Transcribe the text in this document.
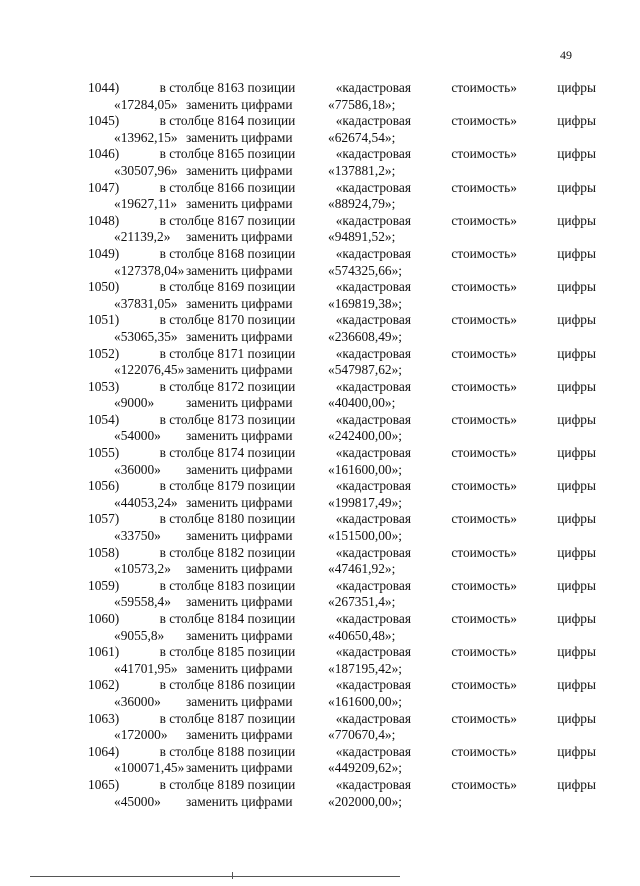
49
1044)	в столбце 8163 позиции	«кадастровая	стоимость»	цифры
«17284,05» заменить цифрами	«77586,18»;
1045)	в столбце 8164 позиции	«кадастровая	стоимость»	цифры
«13962,15» заменить цифрами	«62674,54»;
1046)	в столбце 8165 позиции	«кадастровая	стоимость»	цифры
«30507,96» заменить цифрами	«137881,2»;
1047)	в столбце 8166 позиции	«кадастровая	стоимость»	цифры
«19627,11» заменить цифрами	«88924,79»;
1048)	в столбце 8167 позиции	«кадастровая	стоимость»	цифры
«21139,2» заменить цифрами	«94891,52»;
1049)	в столбце 8168 позиции	«кадастровая	стоимость»	цифры
«127378,04» заменить цифрами	«574325,66»;
1050)	в столбце 8169 позиции	«кадастровая	стоимость»	цифры
«37831,05» заменить цифрами	«169819,38»;
1051)	в столбце 8170 позиции	«кадастровая	стоимость»	цифры
«53065,35» заменить цифрами	«236608,49»;
1052)	в столбце 8171 позиции	«кадастровая	стоимость»	цифры
«122076,45» заменить цифрами	«547987,62»;
1053)	в столбце 8172 позиции	«кадастровая	стоимость»	цифры
«9000» заменить цифрами	«40400,00»;
1054)	в столбце 8173 позиции	«кадастровая	стоимость»	цифры
«54000» заменить цифрами	«242400,00»;
1055)	в столбце 8174 позиции	«кадастровая	стоимость»	цифры
«36000» заменить цифрами	«161600,00»;
1056)	в столбце 8179 позиции	«кадастровая	стоимость»	цифры
«44053,24» заменить цифрами	«199817,49»;
1057)	в столбце 8180 позиции	«кадастровая	стоимость»	цифры
«33750» заменить цифрами	«151500,00»;
1058)	в столбце 8182 позиции	«кадастровая	стоимость»	цифры
«10573,2» заменить цифрами	«47461,92»;
1059)	в столбце 8183 позиции	«кадастровая	стоимость»	цифры
«59558,4» заменить цифрами	«267351,4»;
1060)	в столбце 8184 позиции	«кадастровая	стоимость»	цифры
«9055,8» заменить цифрами	«40650,48»;
1061)	в столбце 8185 позиции	«кадастровая	стоимость»	цифры
«41701,95» заменить цифрами	«187195,42»;
1062)	в столбце 8186 позиции	«кадастровая	стоимость»	цифры
«36000» заменить цифрами	«161600,00»;
1063)	в столбце 8187 позиции	«кадастровая	стоимость»	цифры
«172000» заменить цифрами	«770670,4»;
1064)	в столбце 8188 позиции	«кадастровая	стоимость»	цифры
«100071,45» заменить цифрами	«449209,62»;
1065)	в столбце 8189 позиции	«кадастровая	стоимость»	цифры
«45000» заменить цифрами	«202000,00»;
